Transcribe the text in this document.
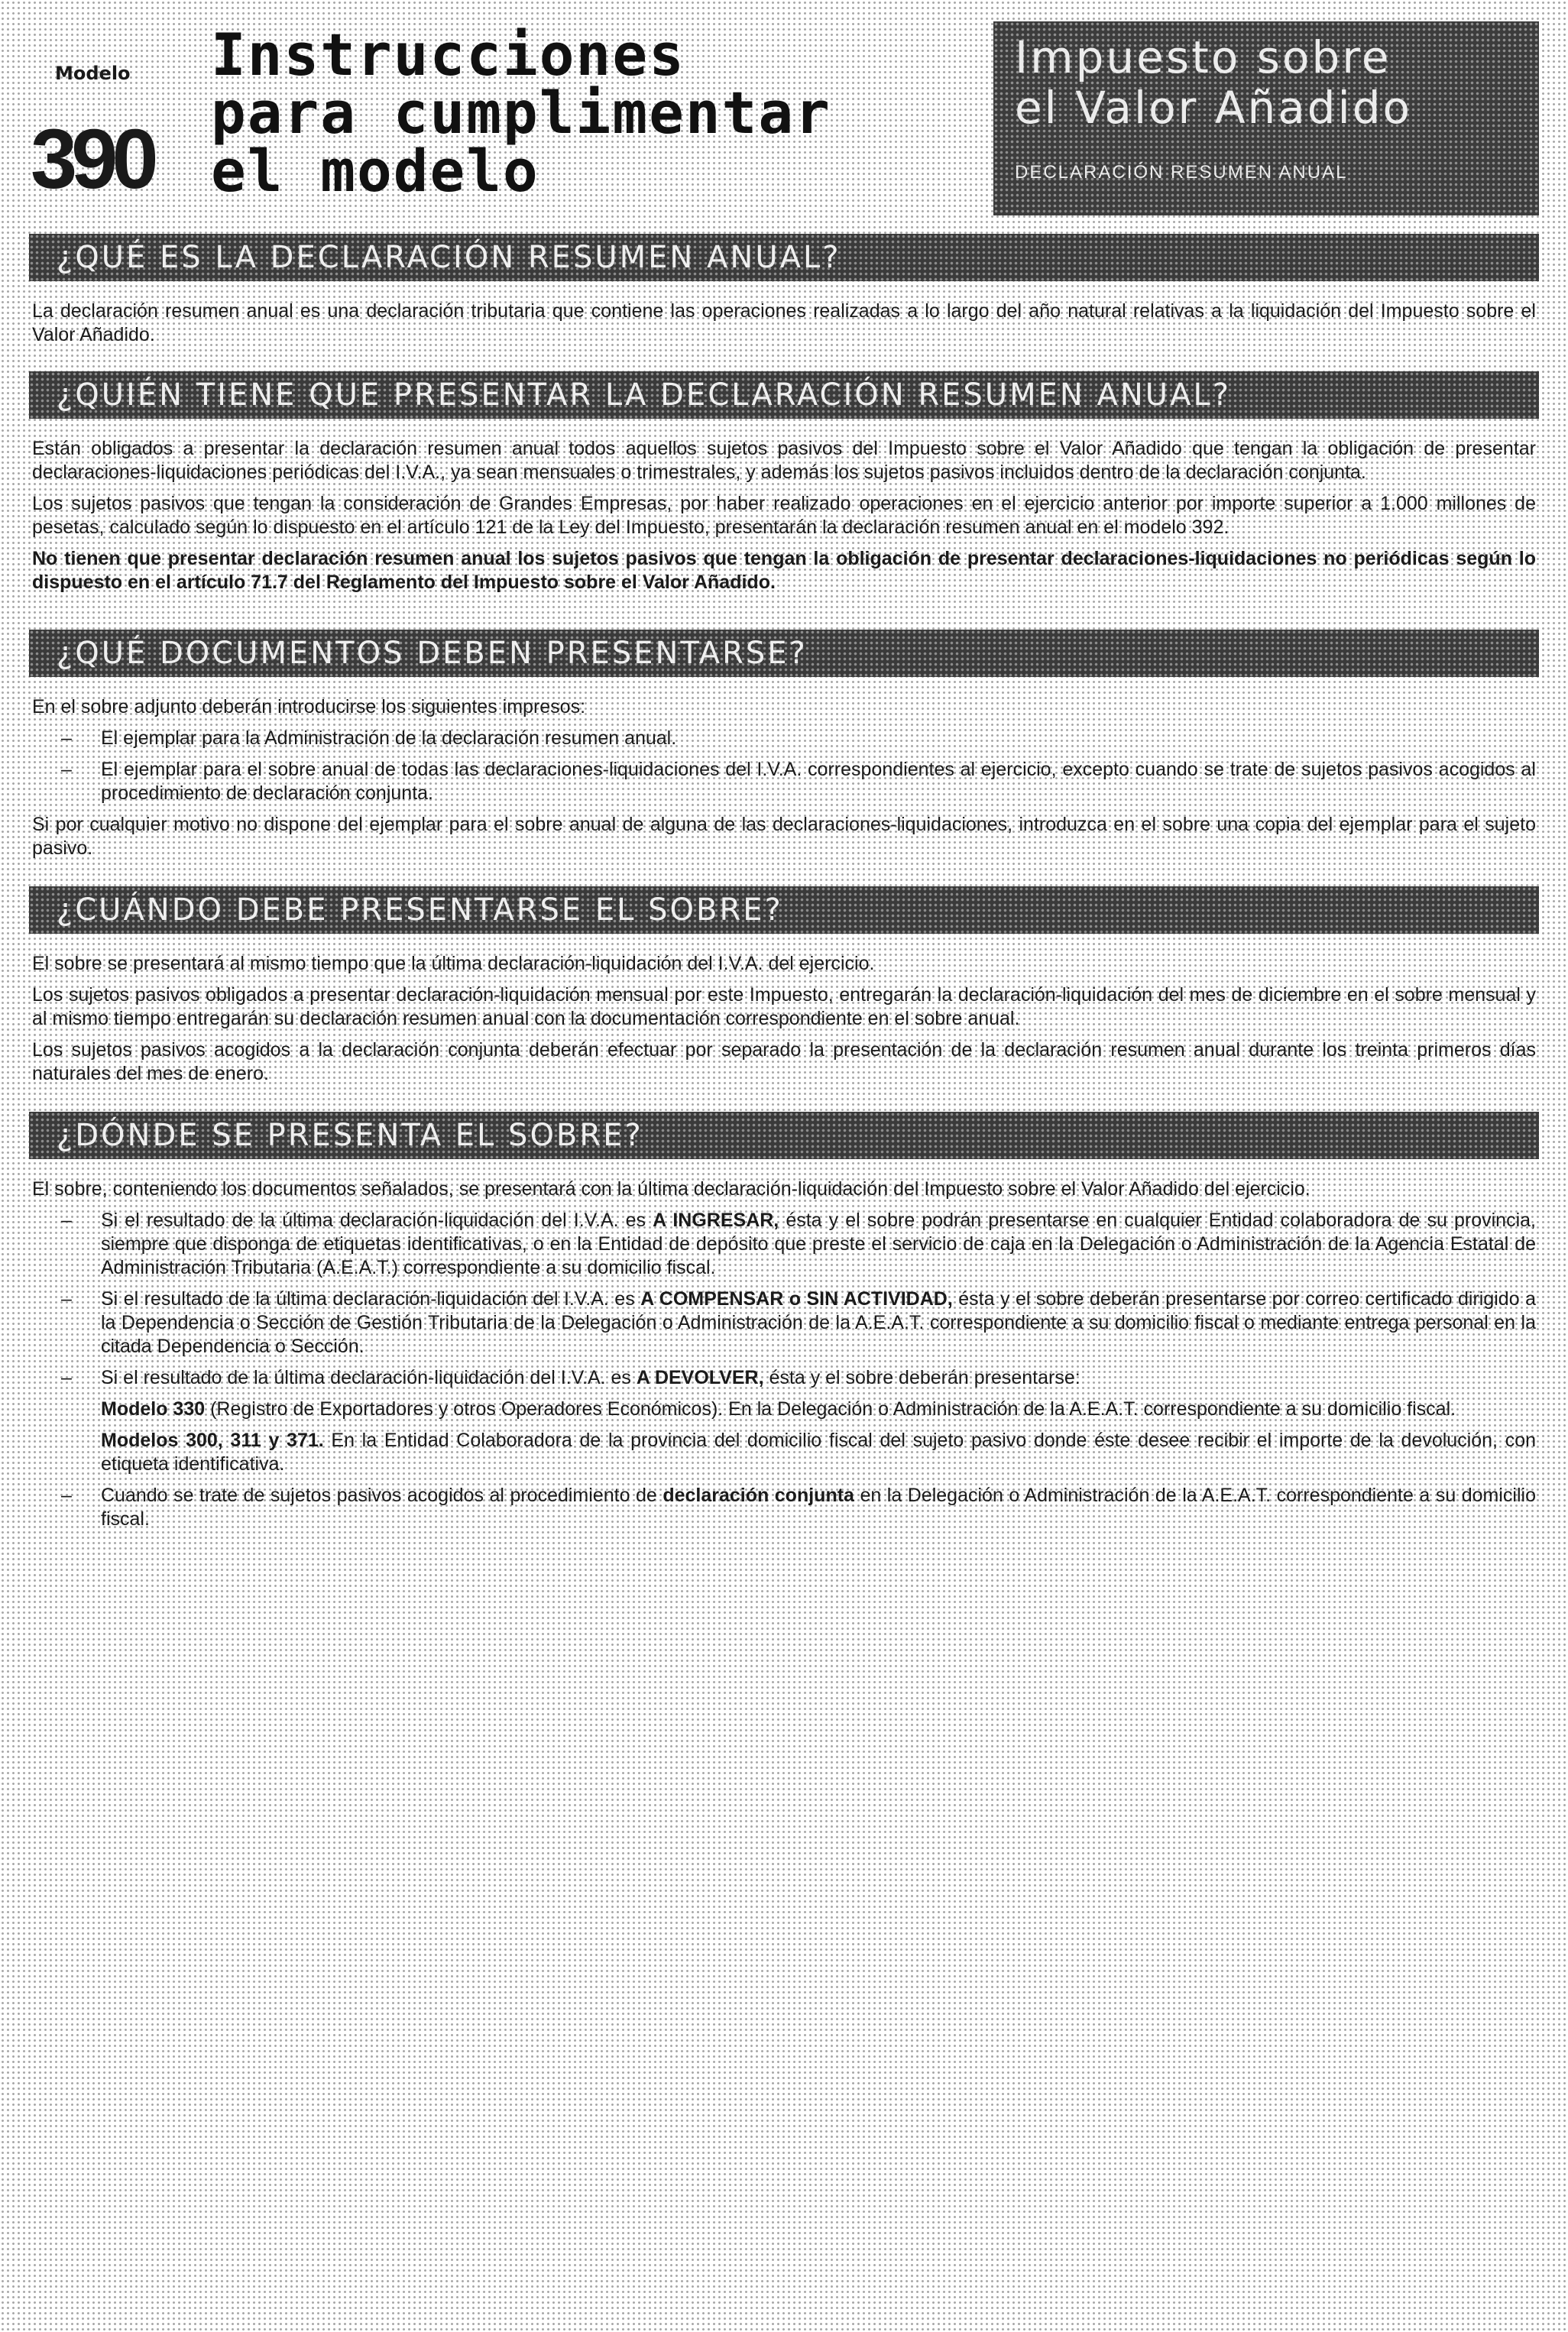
Modelo
390
Instrucciones
para cumplimentar
el modelo
Impuesto sobre
el Valor Añadido
DECLARACIÓN RESUMEN ANUAL
¿QUÉ ES LA DECLARACIÓN RESUMEN ANUAL?

La declaración resumen anual es una declaración tributaria que contiene las operaciones realizadas a lo largo del año natural relativas a la liquidación del Impuesto sobre el Valor Añadido.

¿QUIÉN TIENE QUE PRESENTAR LA DECLARACIÓN RESUMEN ANUAL?

Están obligados a presentar la declaración resumen anual todos aquellos sujetos pasivos del Impuesto sobre el Valor Añadido que tengan la obligación de presentar declaraciones-liquidaciones periódicas del I.V.A., ya sean mensuales o trimestrales, y además los sujetos pasivos incluidos dentro de la declaración conjunta.

Los sujetos pasivos que tengan la consideración de Grandes Empresas, por haber realizado operaciones en el ejercicio anterior por importe superior a 1.000 millones de pesetas, calculado según lo dispuesto en el artículo 121 de la Ley del Impuesto, presentarán la declaración resumen anual en el modelo 392.

No tienen que presentar declaración resumen anual los sujetos pasivos que tengan la obligación de presentar declaraciones-liquidaciones no periódicas según lo dispuesto en el artículo 71.7 del Reglamento del Impuesto sobre el Valor Añadido.

¿QUÉ DOCUMENTOS DEBEN PRESENTARSE?

En el sobre adjunto deberán introducirse los siguientes impresos:

–	El ejemplar para la Administración de la declaración resumen anual.
–	El ejemplar para el sobre anual de todas las declaraciones-liquidaciones del I.V.A. correspondientes al ejercicio, excepto cuando se trate de sujetos pasivos acogidos al procedimiento de declaración conjunta.

Si por cualquier motivo no dispone del ejemplar para el sobre anual de alguna de las declaraciones-liquidaciones, introduzca en el sobre una copia del ejemplar para el sujeto pasivo.

¿CUÁNDO DEBE PRESENTARSE EL SOBRE?

El sobre se presentará al mismo tiempo que la última declaración-liquidación del I.V.A. del ejercicio.

Los sujetos pasivos obligados a presentar declaración-liquidación mensual por este Impuesto, entregarán la declaración-liquidación del mes de diciembre en el sobre mensual y al mismo tiempo entregarán su declaración resumen anual con la documentación correspondiente en el sobre anual.

Los sujetos pasivos acogidos a la declaración conjunta deberán efectuar por separado la presentación de la declaración resumen anual durante los treinta primeros días naturales del mes de enero.

¿DÓNDE SE PRESENTA EL SOBRE?

El sobre, conteniendo los documentos señalados, se presentará con la última declaración-liquidación del Impuesto sobre el Valor Añadido del ejercicio.

–	Si el resultado de la última declaración-liquidación del I.V.A. es A INGRESAR, ésta y el sobre podrán presentarse en cualquier Entidad colaboradora de su provincia, siempre que disponga de etiquetas identificativas, o en la Entidad de depósito que preste el servicio de caja en la Delegación o Administración de la Agencia Estatal de Administración Tributaria (A.E.A.T.) correspondiente a su domicilio fiscal.
–	Si el resultado de la última declaración-liquidación del I.V.A. es A COMPENSAR o SIN ACTIVIDAD, ésta y el sobre deberán presentarse por correo certificado dirigido a la Dependencia o Sección de Gestión Tributaria de la Delegación o Administración de la A.E.A.T. correspondiente a su domicilio fiscal o mediante entrega personal en la citada Dependencia o Sección.
–	Si el resultado de la última declaración-liquidación del I.V.A. es A DEVOLVER, ésta y el sobre deberán presentarse:

Modelo 330 (Registro de Exportadores y otros Operadores Económicos). En la Delegación o Administración de la A.E.A.T. correspondiente a su domicilio fiscal.

Modelos 300, 311 y 371. En la Entidad Colaboradora de la provincia del domicilio fiscal del sujeto pasivo donde éste desee recibir el importe de la devolución, con etiqueta identificativa.

–	Cuando se trate de sujetos pasivos acogidos al procedimiento de declaración conjunta en la Delegación o Administración de la A.E.A.T. correspondiente a su domicilio fiscal.
